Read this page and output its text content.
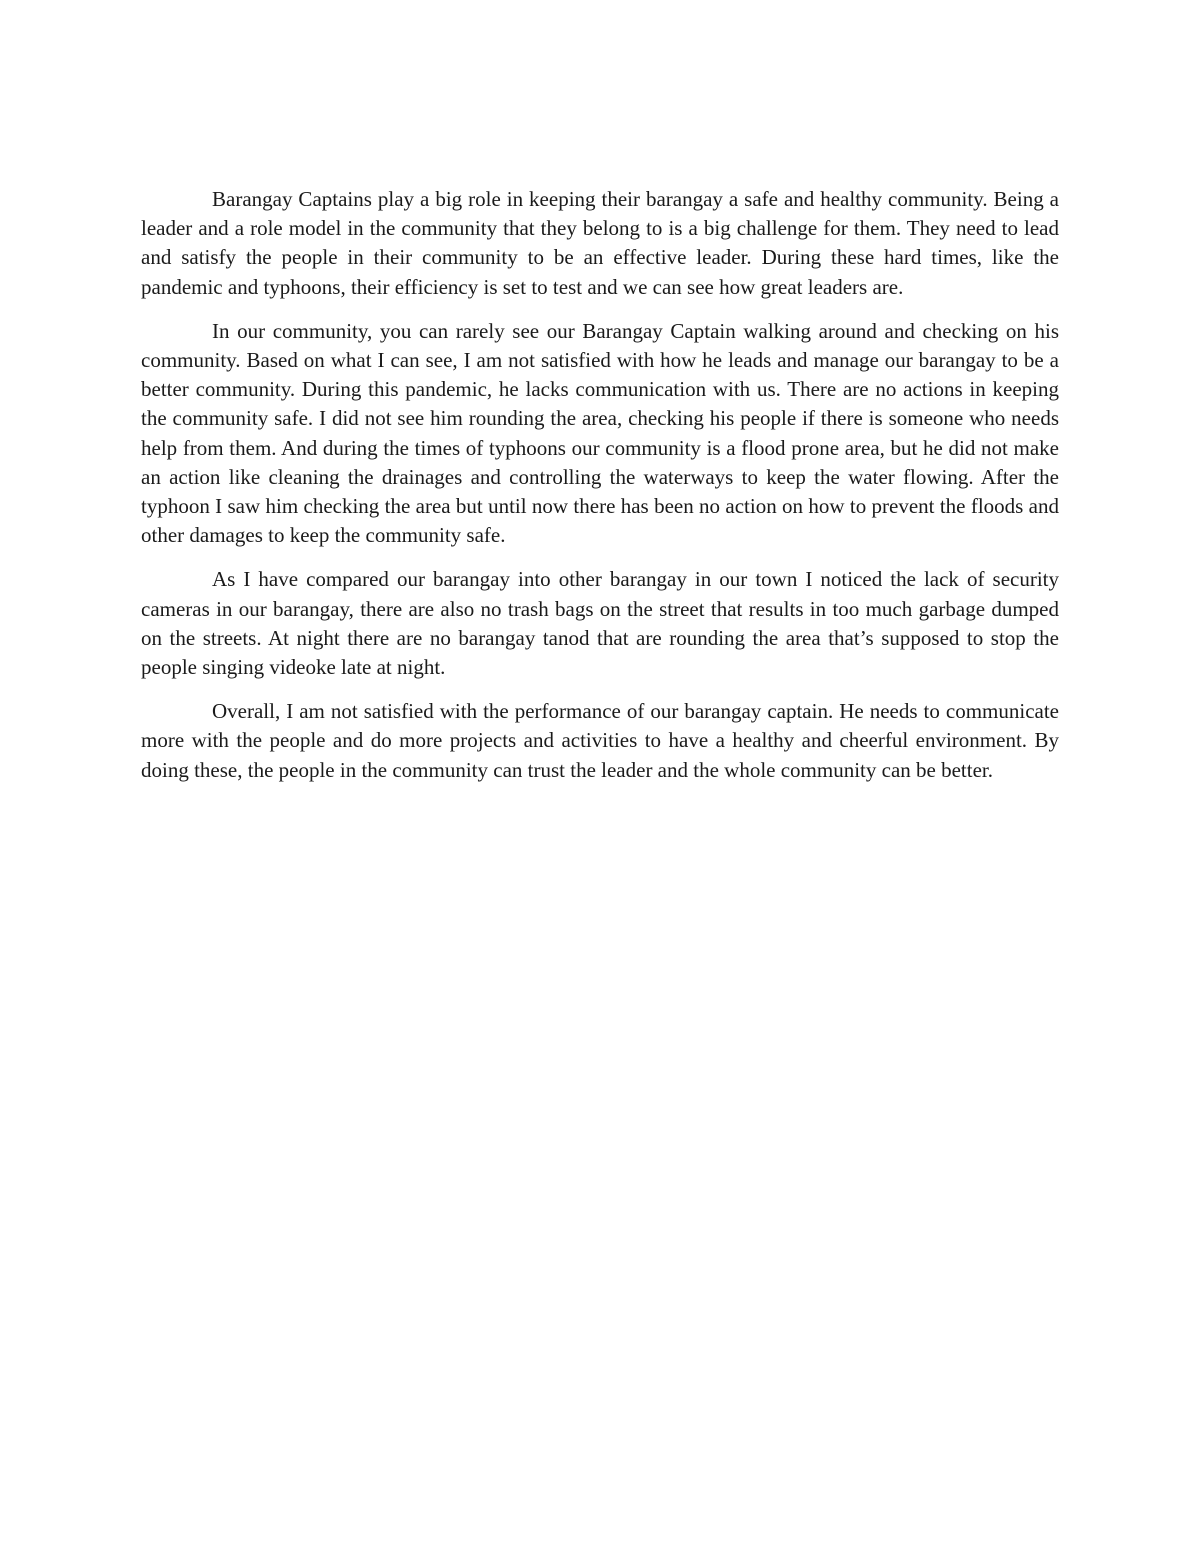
Barangay Captains play a big role in keeping their barangay a safe and healthy community. Being a leader and a role model in the community that they belong to is a big challenge for them. They need to lead and satisfy the people in their community to be an effective leader. During these hard times, like the pandemic and typhoons, their efficiency is set to test and we can see how great leaders are.

In our community, you can rarely see our Barangay Captain walking around and checking on his community. Based on what I can see, I am not satisfied with how he leads and manage our barangay to be a better community. During this pandemic, he lacks communication with us. There are no actions in keeping the community safe. I did not see him rounding the area, checking his people if there is someone who needs help from them. And during the times of typhoons our community is a flood prone area, but he did not make an action like cleaning the drainages and controlling the waterways to keep the water flowing. After the typhoon I saw him checking the area but until now there has been no action on how to prevent the floods and other damages to keep the community safe.

As I have compared our barangay into other barangay in our town I noticed the lack of security cameras in our barangay, there are also no trash bags on the street that results in too much garbage dumped on the streets. At night there are no barangay tanod that are rounding the area that’s supposed to stop the people singing videoke late at night.

Overall, I am not satisfied with the performance of our barangay captain. He needs to communicate more with the people and do more projects and activities to have a healthy and cheerful environment. By doing these, the people in the community can trust the leader and the whole community can be better.
